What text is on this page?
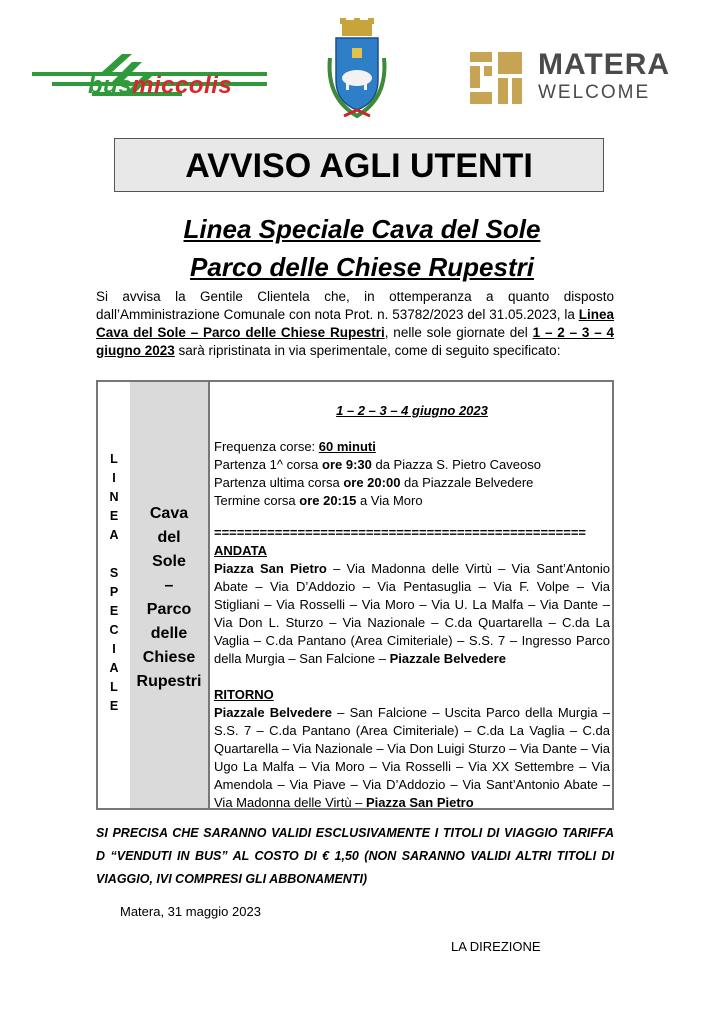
busmiccolis
MATERA
WELCOME
AVVISO AGLI UTENTI
Linea Speciale Cava del Sole
Parco delle Chiese Rupestri
Si avvisa la Gentile Clientela che, in ottemperanza a quanto disposto dall’Amministrazione Comunale con nota Prot. n. 53782/2023 del 31.05.2023, la Linea Cava del Sole – Parco delle Chiese Rupestri, nelle sole giornate del 1 – 2 – 3 – 4 giugno 2023 sarà ripristinata in via sperimentale, come di seguito specificato:
L
I
N
E
A
S
P
E
C
I
A
L
E
Cava
del
Sole
–
Parco
delle
Chiese
Rupestri
1 – 2 – 3 – 4 giugno 2023
Frequenza corse: 60 minuti
Partenza 1^ corsa ore 9:30 da Piazza S. Pietro Caveoso
Partenza ultima corsa ore 20:00 da Piazzale Belvedere
Termine corsa ore 20:15 a Via Moro
=================================================
ANDATA
Piazza San Pietro – Via Madonna delle Virtù – Via Sant’Antonio Abate – Via D’Addozio – Via Pentasuglia – Via F. Volpe – Via Stigliani – Via Rosselli – Via Moro – Via U. La Malfa – Via Dante – Via Don L. Sturzo – Via Nazionale – C.da Quartarella – C.da La Vaglia – C.da Pantano (Area Cimiteriale) – S.S. 7 – Ingresso Parco della Murgia – San Falcione – Piazzale Belvedere
RITORNO
Piazzale Belvedere – San Falcione – Uscita Parco della Murgia – S.S. 7 – C.da Pantano (Area Cimiteriale) – C.da La Vaglia – C.da Quartarella – Via Nazionale – Via Don Luigi Sturzo – Via Dante – Via Ugo La Malfa – Via Moro – Via Rosselli – Via XX Settembre – Via Amendola – Via Piave – Via D’Addozio – Via Sant’Antonio Abate – Via Madonna delle Virtù – Piazza San Pietro
SI PRECISA CHE SARANNO VALIDI ESCLUSIVAMENTE I TITOLI DI VIAGGIO TARIFFA D “VENDUTI IN BUS” AL COSTO DI € 1,50 (NON SARANNO VALIDI ALTRI TITOLI DI VIAGGIO, IVI COMPRESI GLI ABBONAMENTI)
Matera, 31 maggio 2023
LA DIREZIONE
